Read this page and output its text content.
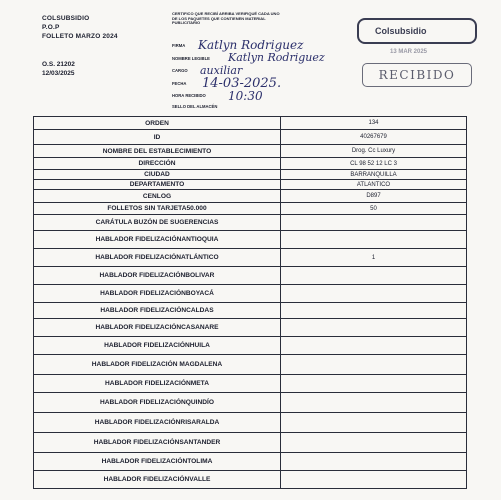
COLSUBSIDIO
P.O.P
FOLLETO MARZO 2024
O.S. 21202
12/03/2025
CERTIFICO QUE RECIBÍ ARRIBA VERIFIQUÉ CADA UNO DE LOS PAQUETES QUE CONTIENEN MATERIAL PUBLICITARIO
FIRMA
NOMBRE LEGIBLE
CARGO
FECHA
HORA RECIBIDO
SELLO DEL ALMACÉN
Katlyn Rodriguez
Katlyn Rodriguez
auxiliar
14-03-2025.
10:30
Colsubsidio
13 MAR 2025
RECIBIDO
ORDEN	134
ID	40267679
NOMBRE DEL ESTABLECIMIENTO	Drog. Cc Luxury
DIRECCIÓN	CL 98 52 12 LC 3
CIUDAD	BARRANQUILLA
DEPARTAMENTO	ATLANTICO
CENLOG	D897
FOLLETOS SIN TARJETA50.000	50
CARÁTULA BUZÓN DE SUGERENCIAS	
HABLADOR FIDELIZACIÓNANTIOQUIA	
HABLADOR FIDELIZACIÓNATLÁNTICO	1
HABLADOR FIDELIZACIÓNBOLIVAR	
HABLADOR FIDELIZACIÓNBOYACÁ	
HABLADOR FIDELIZACIÓNCALDAS	
HABLADOR FIDELIZACIÓNCASANARE	
HABLADOR FIDELIZACIÓNHUILA	
HABLADOR FIDELIZACIÓN MAGDALENA	
HABLADOR FIDELIZACIÓNMETA	
HABLADOR FIDELIZACIÓNQUINDÍO	
HABLADOR FIDELIZACIÓNRISARALDA	
HABLADOR FIDELIZACIÓNSANTANDER	
HABLADOR FIDELIZACIÓNTOLIMA	
HABLADOR FIDELIZACIÓNVALLE	
